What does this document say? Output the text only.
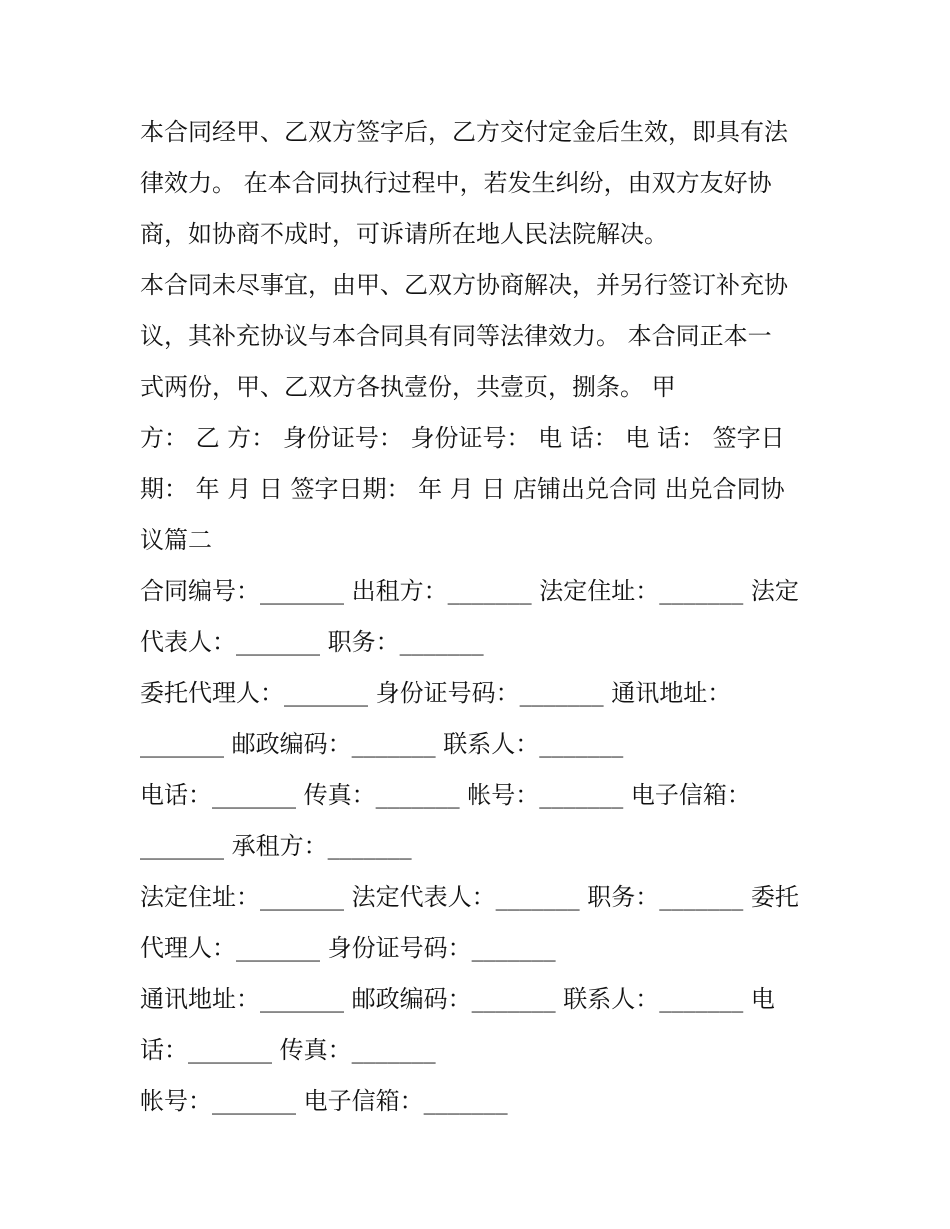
本合同经甲、乙双方签字后，乙方交付定金后生效，即具有法
律效力。 在本合同执行过程中，若发生纠纷，由双方友好协
商，如协商不成时，可诉请所在地人民法院解决。
本合同未尽事宜，由甲、乙双方协商解决，并另行签订补充协
议，其补充协议与本合同具有同等法律效力。 本合同正本一
式两份，甲、乙双方各执壹份，共壹页，捌条。 甲
方： 乙 方： 身份证号： 身份证号： 电 话： 电 话： 签字日
期： 年 月 日 签字日期： 年 月 日 店铺出兑合同 出兑合同协
议篇二
合同编号：_______ 出租方：_______ 法定住址：_______ 法定
代表人：_______ 职务：_______
委托代理人：_______ 身份证号码：_______ 通讯地址：
_______ 邮政编码：_______ 联系人：_______
电话：_______ 传真：_______ 帐号：_______ 电子信箱：
_______ 承租方：_______
法定住址：_______ 法定代表人：_______ 职务：_______ 委托
代理人：_______ 身份证号码：_______
通讯地址：_______ 邮政编码：_______ 联系人：_______ 电
话：_______ 传真：_______
帐号：_______ 电子信箱：_______
